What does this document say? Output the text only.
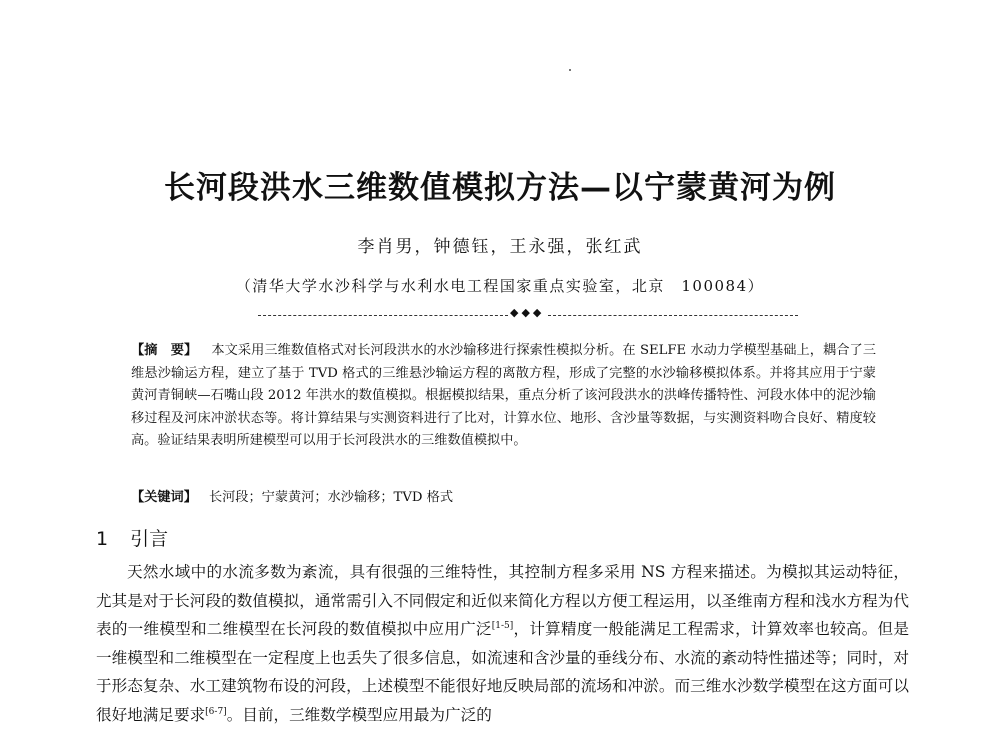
长河段洪水三维数值模拟方法—以宁蒙黄河为例
李肖男，钟德钰，王永强，张红武
（清华大学水沙科学与水利水电工程国家重点实验室，北京　100084）
◆◆◆
【摘　要】 本文采用三维数值格式对长河段洪水的水沙输移进行探索性模拟分析。在 SELFE 水动力学模型基础上，耦合了三维悬沙输运方程，建立了基于 TVD 格式的三维悬沙输运方程的离散方程，形成了完整的水沙输移模拟体系。并将其应用于宁蒙黄河青铜峡—石嘴山段 2012 年洪水的数值模拟。根据模拟结果，重点分析了该河段洪水的洪峰传播特性、河段水体中的泥沙输移过程及河床冲淤状态等。将计算结果与实测资料进行了比对，计算水位、地形、含沙量等数据，与实测资料吻合良好、精度较高。验证结果表明所建模型可以用于长河段洪水的三维数值模拟中。
【关键词】 长河段；宁蒙黄河；水沙输移；TVD 格式
1 引言
天然水域中的水流多数为紊流，具有很强的三维特性，其控制方程多采用 NS 方程来描述。为模拟其运动特征，尤其是对于长河段的数值模拟，通常需引入不同假定和近似来简化方程以方便工程运用，以圣维南方程和浅水方程为代表的一维模型和二维模型在长河段的数值模拟中应用广泛[1-5]，计算精度一般能满足工程需求，计算效率也较高。但是一维模型和二维模型在一定程度上也丢失了很多信息，如流速和含沙量的垂线分布、水流的紊动特性描述等；同时，对于形态复杂、水工建筑物布设的河段，上述模型不能很好地反映局部的流场和冲淤。而三维水沙数学模型在这方面可以很好地满足要求[6-7]。目前，三维数学模型应用最为广泛的
